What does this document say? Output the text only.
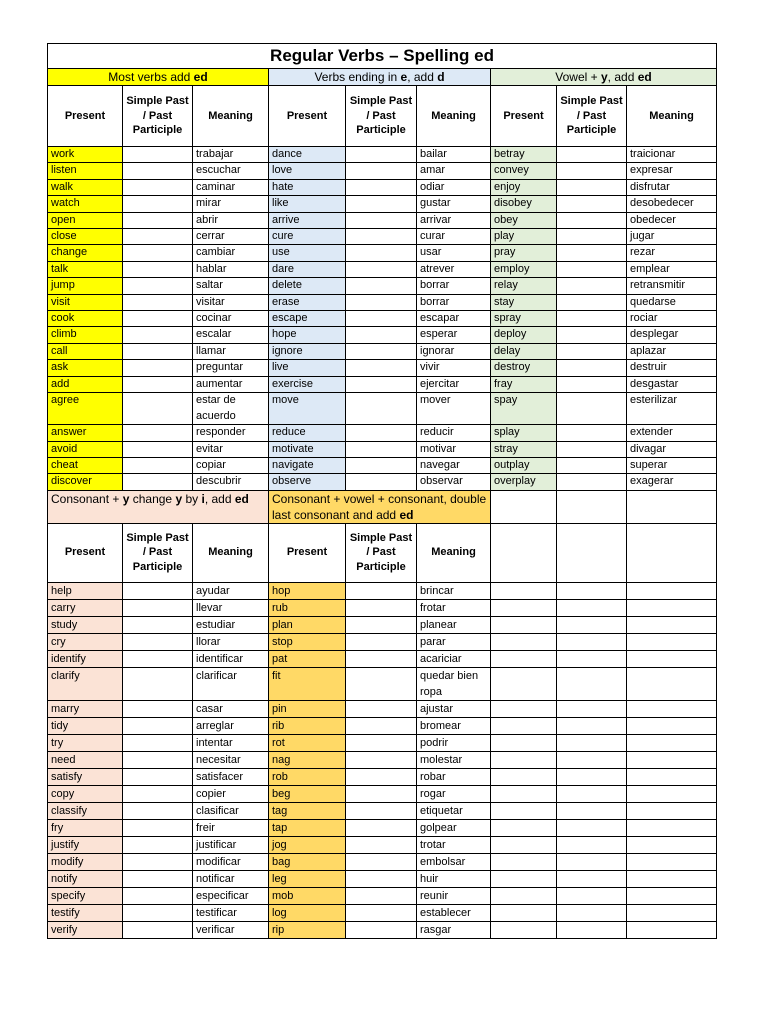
Regular Verbs – Spelling ed								
Most verbs add ed			Verbs ending in e, add d			Vowel + y, add ed		
Present	Simple Past / Past Participle	Meaning	Present	Simple Past / Past Participle	Meaning	Present	Simple Past / Past Participle	Meaning
work		trabajar	dance		bailar	betray		traicionar
listen		escuchar	love		amar	convey		expresar
walk		caminar	hate		odiar	enjoy		disfrutar
watch		mirar	like		gustar	disobey		desobedecer
open		abrir	arrive		arrivar	obey		obedecer
close		cerrar	cure		curar	play		jugar
change		cambiar	use		usar	pray		rezar
talk		hablar	dare		atrever	employ		emplear
jump		saltar	delete		borrar	relay		retransmitir
visit		visitar	erase		borrar	stay		quedarse
cook		cocinar	escape		escapar	spray		rociar
climb		escalar	hope		esperar	deploy		desplegar
call		llamar	ignore		ignorar	delay		aplazar
ask		preguntar	live		vivir	destroy		destruir
add		aumentar	exercise		ejercitar	fray		desgastar
agree		estar de acuerdo	move		mover	spay		esterilizar
answer		responder	reduce		reducir	splay		extender
avoid		evitar	motivate		motivar	stray		divagar
cheat		copiar	navigate		navegar	outplay		superar
discover		descubrir	observe		observar	overplay		exagerar
Consonant + y change y by i, add ed			Consonant + vowel + consonant, double last consonant and add ed					
Present	Simple Past / Past Participle	Meaning	Present	Simple Past / Past Participle	Meaning			
help		ayudar	hop		brincar			
carry		llevar	rub		frotar			
study		estudiar	plan		planear			
cry		llorar	stop		parar			
identify		identificar	pat		acariciar			
clarify		clarificar	fit		quedar bien ropa			
marry		casar	pin		ajustar			
tidy		arreglar	rib		bromear			
try		intentar	rot		podrir			
need		necesitar	nag		molestar			
satisfy		satisfacer	rob		robar			
copy		copier	beg		rogar			
classify		clasificar	tag		etiquetar			
fry		freir	tap		golpear			
justify		justificar	jog		trotar			
modify		modificar	bag		embolsar			
notify		notificar	leg		huir			
specify		especificar	mob		reunir			
testify		testificar	log		establecer			
verify		verificar	rip		rasgar			
